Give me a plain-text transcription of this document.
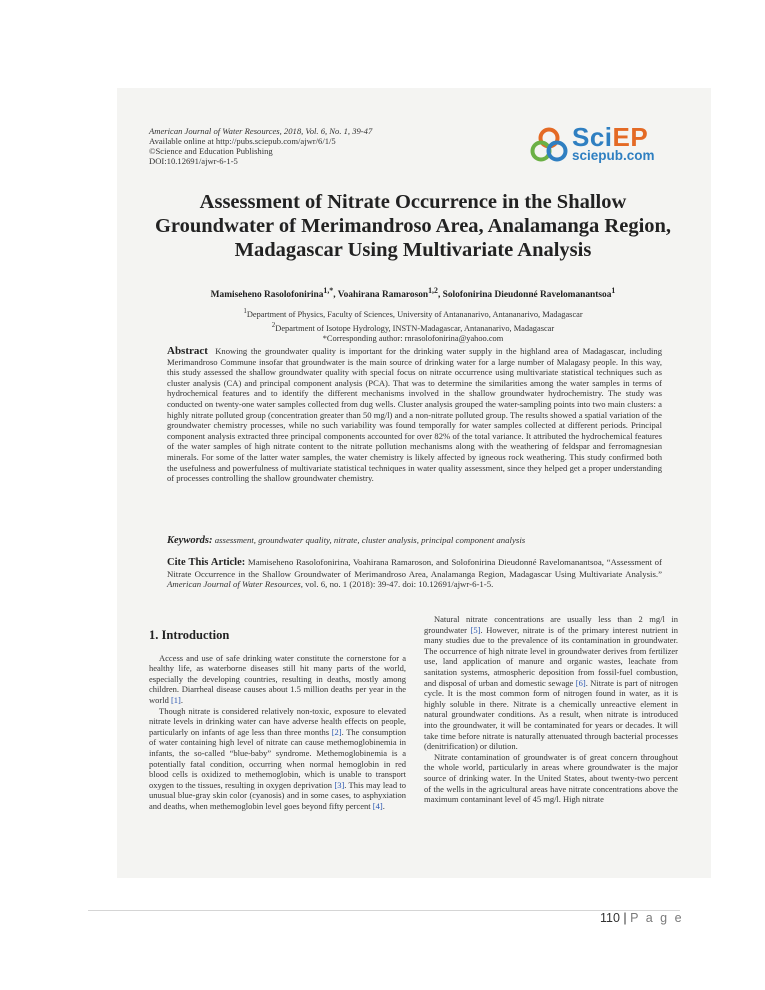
American Journal of Water Resources, 2018, Vol. 6, No. 1, 39-47
Available online at http://pubs.sciepub.com/ajwr/6/1/5
©Science and Education Publishing
DOI:10.12691/ajwr-6-1-5
SciEP
sciepub.com
Assessment of Nitrate Occurrence in the Shallow Groundwater of Merimandroso Area, Analamanga Region, Madagascar Using Multivariate Analysis
Mamiseheno Rasolofonirina$^{1,*}$, Voahirana Ramaroson$^{1,2}$, Solofonirina Dieudonné Ravelomanantsoa$^1$
$^1$Department of Physics, Faculty of Sciences, University of Antananarivo, Antananarivo, Madagascar
$^2$Department of Isotope Hydrology, INSTN-Madagascar, Antananarivo, Madagascar
*Corresponding author: rnrasolofonirina@yahoo.com
Abstract Knowing the groundwater quality is important for the drinking water supply in the highland area of Madagascar, including Merimandroso Commune insofar that groundwater is the main source of drinking water for a large number of Malagasy people. In this way, this study assessed the shallow groundwater quality with special focus on nitrate occurrence using multivariate statistical techniques such as cluster analysis (CA) and principal component analysis (PCA). That was to determine the similarities among the water samples in terms of hydrochemical features and to identify the different mechanisms involved in the shallow groundwater hydrochemistry. The study was conducted on twenty-one water samples collected from dug wells. Cluster analysis grouped the water-sampling points into two main clusters: a highly nitrate polluted group (concentration greater than 50 mg/l) and a non-nitrate polluted group. The results showed a spatial variation of the groundwater chemistry processes, while no such variability was found temporally for water samples collected at different periods. Principal component analysis extracted three principal components accounted for over 82% of the total variance. It attributed the hydrochemical features of the water samples of high nitrate content to the nitrate pollution mechanisms along with the weathering of feldspar and ferromagnesian minerals. For some of the latter water samples, the water chemistry is likely affected by igneous rock weathering. This study confirmed both the usefulness and powerfulness of multivariate statistical techniques in water quality assessment, since they helped get a proper understanding of processes controlling the shallow groundwater chemistry.
Keywords: assessment, groundwater quality, nitrate, cluster analysis, principal component analysis
Cite This Article: Mamiseheno Rasolofonirina, Voahirana Ramaroson, and Solofonirina Dieudonné Ravelomanantsoa, “Assessment of Nitrate Occurrence in the Shallow Groundwater of Merimandroso Area, Analamanga Region, Madagascar Using Multivariate Analysis.” American Journal of Water Resources, vol. 6, no. 1 (2018): 39-47. doi: 10.12691/ajwr-6-1-5.

1. Introduction

Access and use of safe drinking water constitute the cornerstone for a healthy life, as waterborne diseases still hit many parts of the world, especially the developing countries, resulting in deaths, mostly among children. Diarrheal disease causes about 1.5 million deaths per year in the world [1].

Though nitrate is considered relatively non-toxic, exposure to elevated nitrate levels in drinking water can have adverse health effects on people, particularly on infants of age less than three months [2]. The consumption of water containing high level of nitrate can cause methemoglobinemia in infants, the so-called “blue-baby” syndrome. Methemoglobinemia is a potentially fatal condition, occurring when normal hemoglobin in red blood cells is oxidized to methemoglobin, which is unable to transport oxygen to the tissues, resulting in oxygen deprivation [3]. This may lead to unusual blue-gray skin color (cyanosis) and in some cases, to asphyxiation and deaths, when methemoglobin level goes beyond fifty percent [4].

Natural nitrate concentrations are usually less than 2 mg/l in groundwater [5]. However, nitrate is of the primary interest nutrient in many studies due to the prevalence of its contamination in groundwater. The occurrence of high nitrate level in groundwater derives from fertilizer use, land application of manure and organic wastes, leachate from sanitation systems, atmospheric deposition from fossil-fuel combustion, and disposal of urban and domestic sewage [6]. Nitrate is part of nitrogen cycle. It is the most common form of nitrogen found in water, as it is highly soluble in there. Nitrate is a chemically unreactive element in natural groundwater conditions. As a result, when nitrate is introduced into the groundwater, it will be contaminated for years or decades. It will take time before nitrate is naturally attenuated through bacterial processes (denitrification) or dilution.

Nitrate contamination of groundwater is of great concern throughout the whole world, particularly in areas where groundwater is the major source of drinking water. In the United States, about twenty-two percent of the wells in the agricultural areas have nitrate concentrations above the maximum contaminant level of 45 mg/l. High nitrate

110 | P a g e
